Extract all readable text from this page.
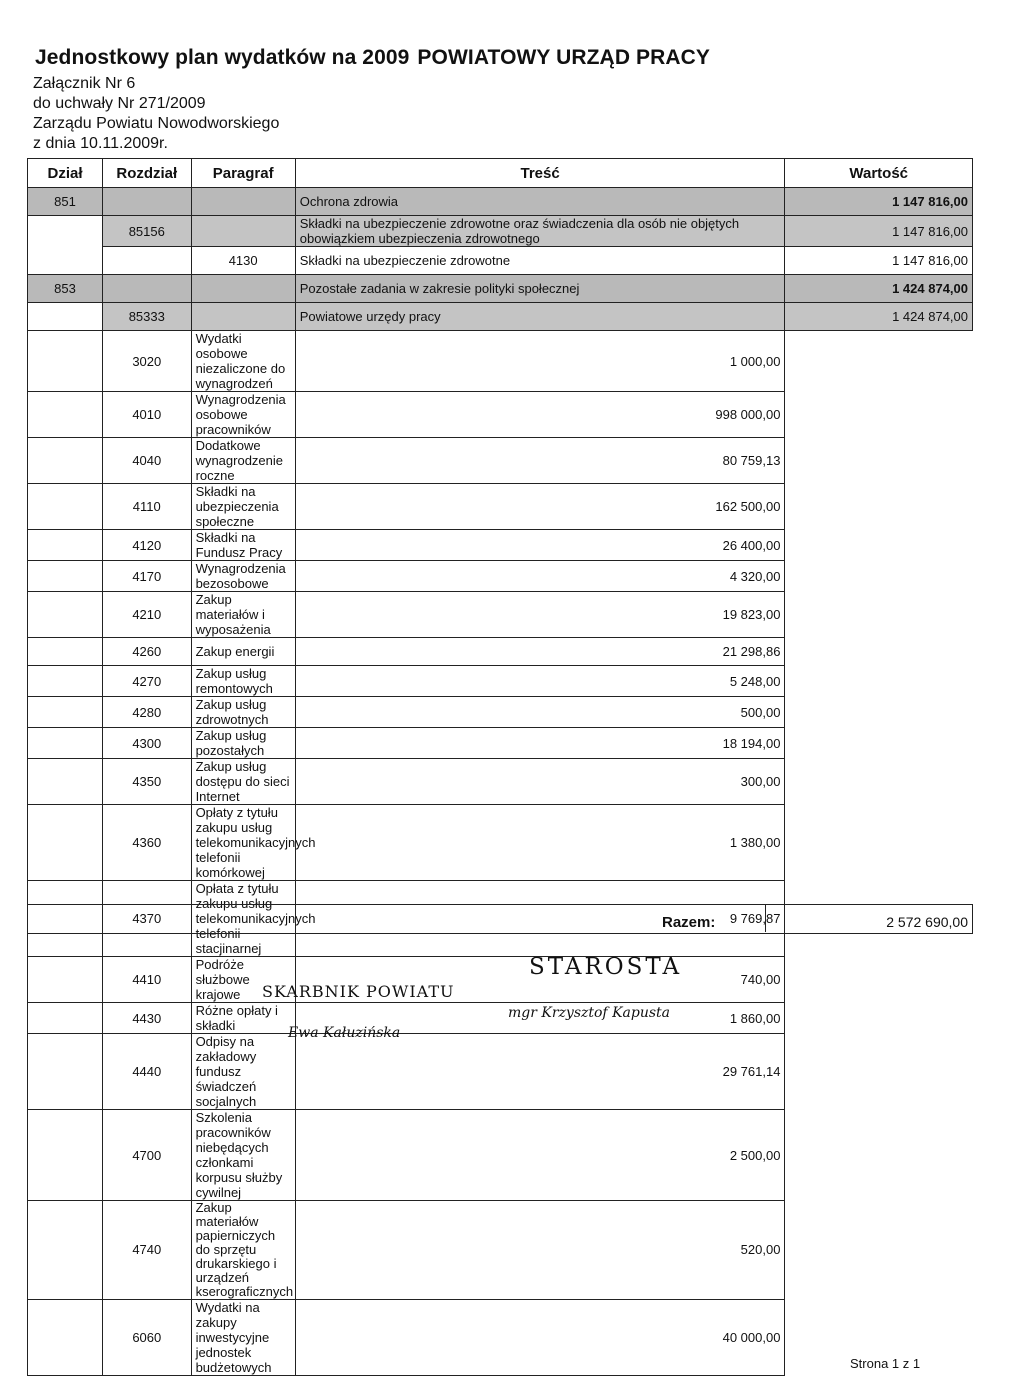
Jednostkowy plan wydatków na 2009 POWIATOWY URZĄD PRACY
Załącznik Nr 6
do uchwały Nr 271/2009
Zarządu Powiatu Nowodworskiego
z dnia 10.11.2009r.
Dział	Rozdział	Paragraf	Treść	Wartość
851			Ochrona zdrowia	1 147 816,00
	85156		Składki na ubezpieczenie zdrowotne oraz świadczenia dla osób nie objętych obowiązkiem ubezpieczenia zdrowotnego	1 147 816,00
		4130	Składki na ubezpieczenie zdrowotne	1 147 816,00
853			Pozostałe zadania w zakresie polityki społecznej	1 424 874,00
	85333		Powiatowe urzędy pracy	1 424 874,00
	3020	Wydatki osobowe niezaliczone do wynagrodzeń	1 000,00	
	4010	Wynagrodzenia osobowe pracowników	998 000,00	
	4040	Dodatkowe wynagrodzenie roczne	80 759,13	
	4110	Składki na ubezpieczenia społeczne	162 500,00	
	4120	Składki na Fundusz Pracy	26 400,00	
	4170	Wynagrodzenia bezosobowe	4 320,00	
	4210	Zakup materiałów i wyposażenia	19 823,00	
	4260	Zakup energii	21 298,86	
	4270	Zakup usług remontowych	5 248,00	
	4280	Zakup usług zdrowotnych	500,00	
	4300	Zakup usług pozostałych	18 194,00	
	4350	Zakup usług dostępu do sieci Internet	300,00	
	4360	Opłaty z tytułu zakupu usług telekomunikacyjnych telefonii komórkowej	1 380,00	
	4370	Opłata z tytułu zakupu usług telekomunikacyjnych telefonii stacjinarnej	9 769,87	
	4410	Podróże służbowe krajowe	740,00	
	4430	Różne opłaty i składki	1 860,00	
	4440	Odpisy na zakładowy fundusz świadczeń socjalnych	29 761,14	
	4700	Szkolenia pracowników niebędących członkami korpusu służby cywilnej	2 500,00	
	4740	Zakup materiałów papierniczych do sprzętu drukarskiego i urządzeń kserograficznych	520,00	
	6060	Wydatki na zakupy inwestycyjne jednostek budżetowych	40 000,00	
Razem:	2 572 690,00
SKARBNIK POWIATU
Ewa Kałuzińska
STAROSTA
mgr Krzysztof Kapusta
Strona 1 z 1
